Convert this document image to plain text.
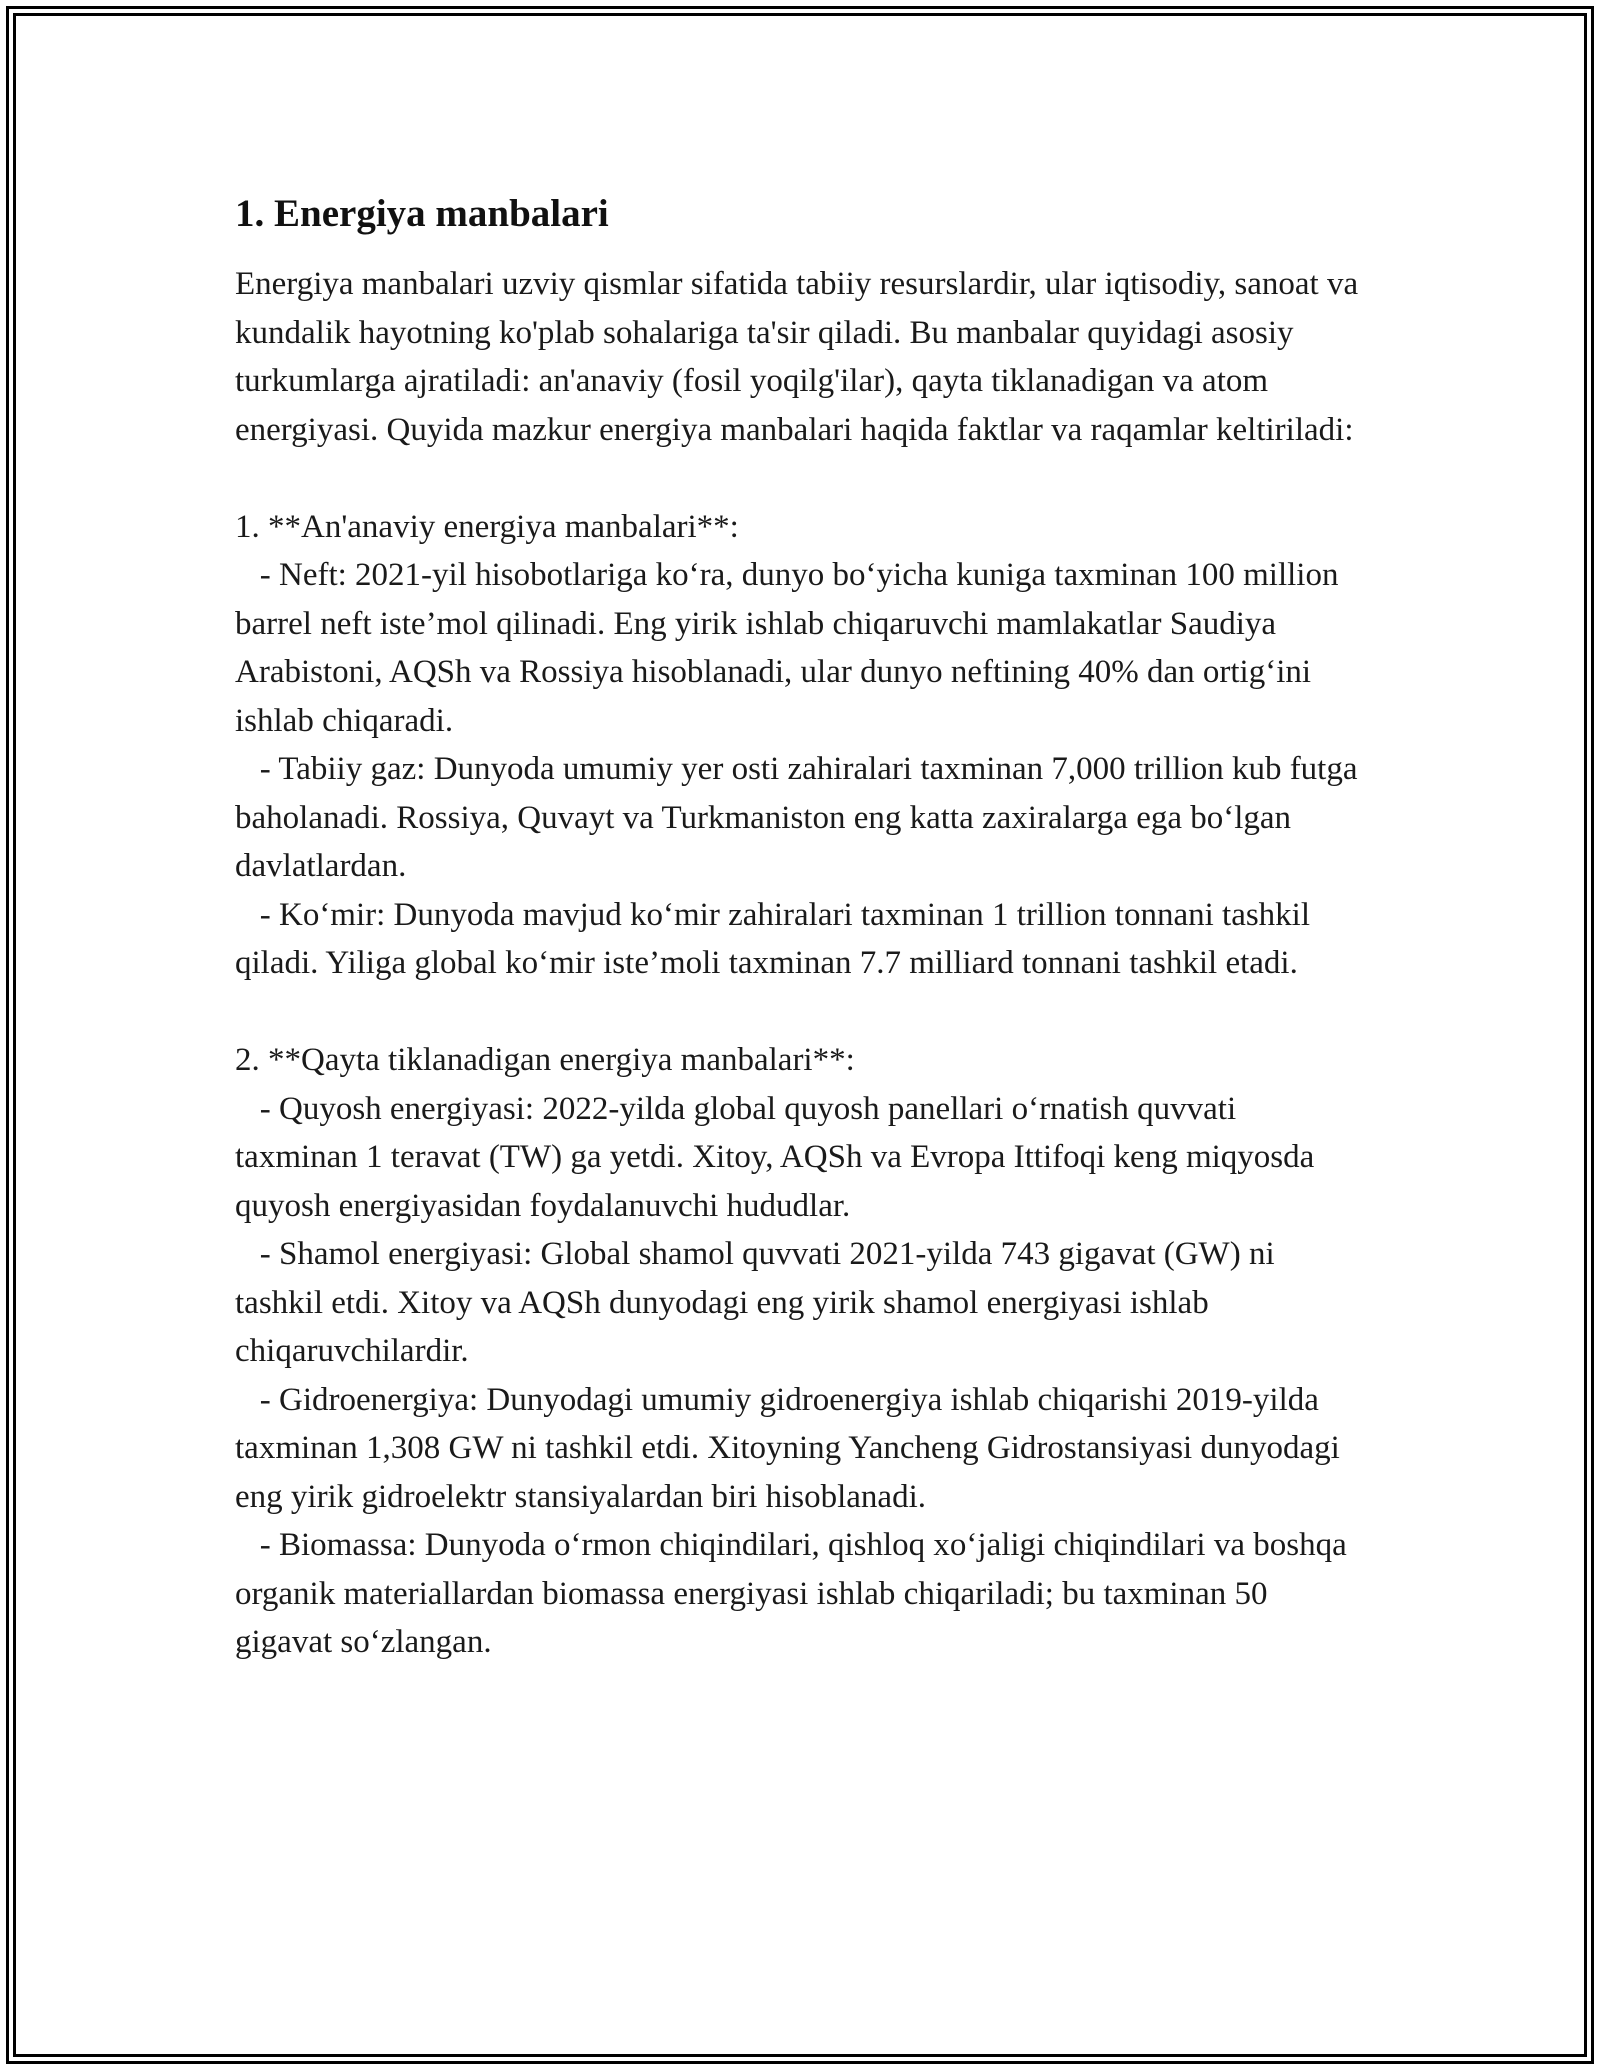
1. Energiya manbalari

Energiya manbalari uzviy qismlar sifatida tabiiy resurslardir, ular iqtisodiy, sanoat va kundalik hayotning ko'plab sohalariga ta'sir qiladi. Bu manbalar quyidagi asosiy turkumlarga ajratiladi: an'anaviy (fosil yoqilg'ilar), qayta tiklanadigan va atom energiyasi. Quyida mazkur energiya manbalari haqida faktlar va raqamlar keltiriladi:

1. **An'anaviy energiya manbalari**:

- Neft: 2021-yil hisobotlariga ko‘ra, dunyo bo‘yicha kuniga taxminan 100 million barrel neft iste’mol qilinadi. Eng yirik ishlab chiqaruvchi mamlakatlar Saudiya Arabistoni, AQSh va Rossiya hisoblanadi, ular dunyo neftining 40% dan ortig‘ini ishlab chiqaradi.

- Tabiiy gaz: Dunyoda umumiy yer osti zahiralari taxminan 7,000 trillion kub futga baholanadi. Rossiya, Quvayt va Turkmaniston eng katta zaxiralarga ega bo‘lgan davlatlardan.

- Ko‘mir: Dunyoda mavjud ko‘mir zahiralari taxminan 1 trillion tonnani tashkil qiladi. Yiliga global ko‘mir iste’moli taxminan 7.7 milliard tonnani tashkil etadi.

2. **Qayta tiklanadigan energiya manbalari**:

- Quyosh energiyasi: 2022-yilda global quyosh panellari o‘rnatish quvvati taxminan 1 teravat (TW) ga yetdi. Xitoy, AQSh va Evropa Ittifoqi keng miqyosda quyosh energiyasidan foydalanuvchi hududlar.

- Shamol energiyasi: Global shamol quvvati 2021-yilda 743 gigavat (GW) ni tashkil etdi. Xitoy va AQSh dunyodagi eng yirik shamol energiyasi ishlab chiqaruvchilardir.

- Gidroenergiya: Dunyodagi umumiy gidroenergiya ishlab chiqarishi 2019-yilda taxminan 1,308 GW ni tashkil etdi. Xitoyning Yancheng Gidrostansiyasi dunyodagi eng yirik gidroelektr stansiyalardan biri hisoblanadi.

- Biomassa: Dunyoda o‘rmon chiqindilari, qishloq xo‘jaligi chiqindilari va boshqa organik materiallardan biomassa energiyasi ishlab chiqariladi; bu taxminan 50 gigavat so‘zlangan.
